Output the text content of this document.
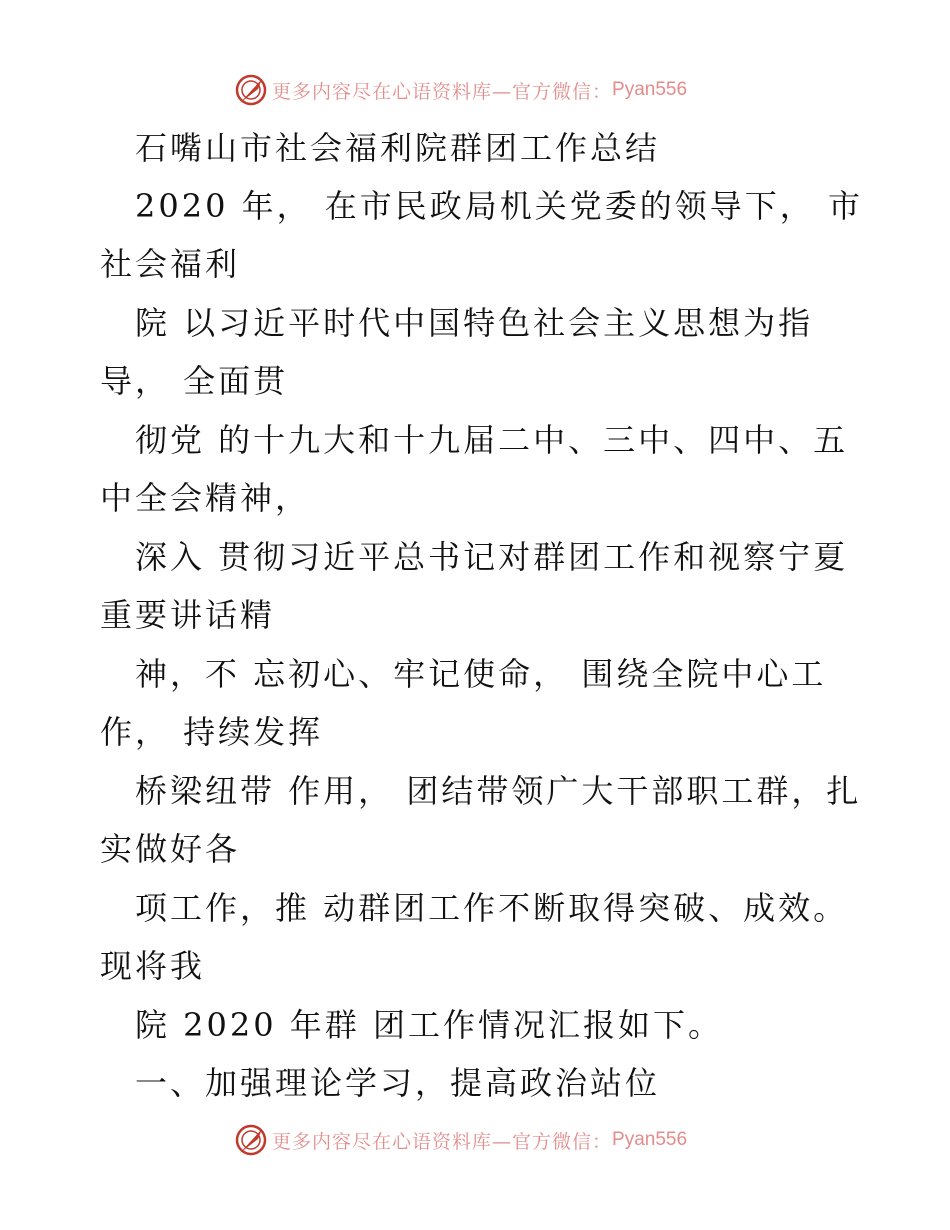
更多内容尽在心语资料库—官方微信： Pyan556
石嘴山市社会福利院群团工作总结
2020 年， 在市民政局机关党委的领导下， 市
社会福利
院 以习近平时代中国特色社会主义思想为指
导， 全面贯
彻党 的十九大和十九届二中、三中、四中、五
中全会精神，
深入 贯彻习近平总书记对群团工作和视察宁夏
重要讲话精
神，不 忘初心、牢记使命， 围绕全院中心工
作， 持续发挥
桥梁纽带 作用， 团结带领广大干部职工群，扎
实做好各
项工作，推 动群团工作不断取得突破、成效。
现将我
院 2020 年群 团工作情况汇报如下。
一、加强理论学习，提高政治站位
更多内容尽在心语资料库—官方微信： Pyan556
